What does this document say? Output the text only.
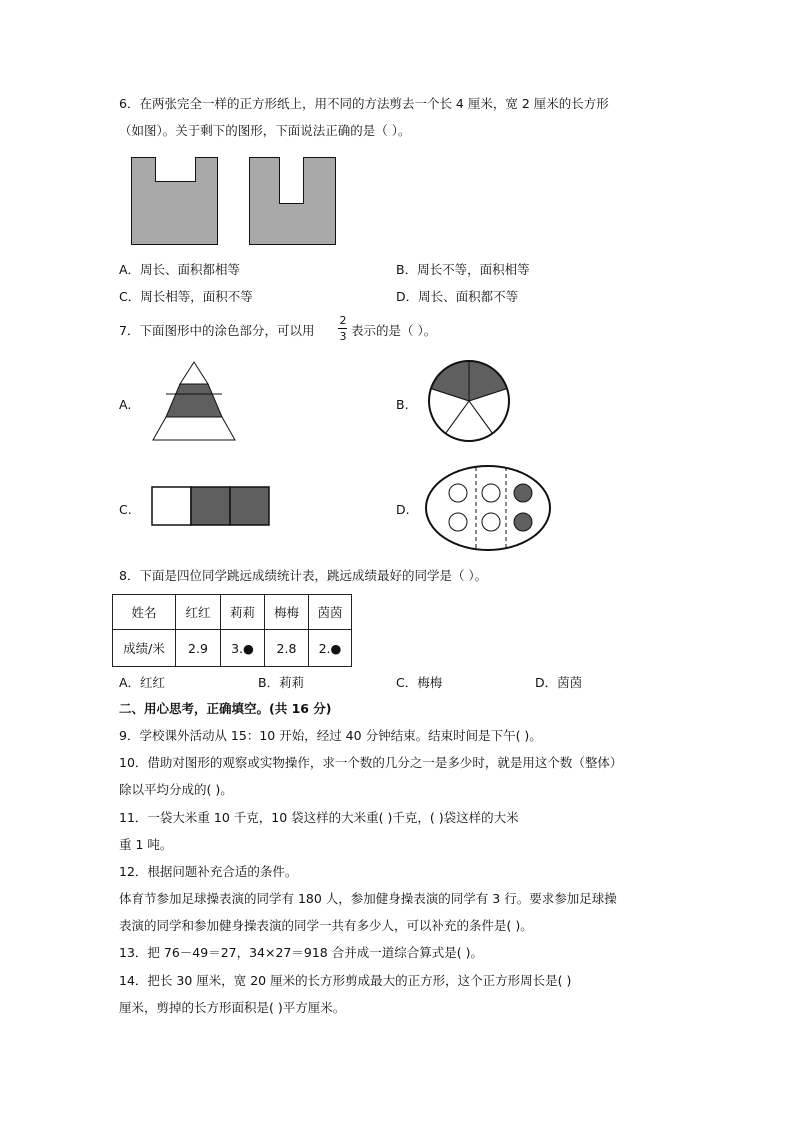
6．在两张完全一样的正方形纸上，用不同的方法剪去一个长 4 厘米，宽 2 厘米的长方形
（如图）。关于剩下的图形，下面说法正确的是（ ）。
A．周长、面积都相等	B．周长不等，面积相等
C．周长相等，面积不等	D．周长、面积都不等
7．下面图形中的涂色部分，可以用
2
3 表示的是（ ）。
A.	B.
C.	D.
8．下面是四位同学跳远成绩统计表，跳远成绩最好的同学是（ ）。
姓名	红红	莉莉	梅梅	茵茵
成绩/米	2.9	3.●	2.8	2.●
A．红红	B．莉莉	C．梅梅	D．茵茵
二、用心思考，正确填空。(共 16 分)
9．学校课外活动从 15：10 开始，经过 40 分钟结束。结束时间是下午( )。
10．借助对图形的观察或实物操作，求一个数的几分之一是多少时，就是用这个数（整体）
除以平均分成的( )。
11．一袋大米重 10 千克，10 袋这样的大米重( )千克，( )袋这样的大米
重 1 吨。
12．根据问题补充合适的条件。
体育节参加足球操表演的同学有 180 人，参加健身操表演的同学有 3 行。要求参加足球操
表演的同学和参加健身操表演的同学一共有多少人，可以补充的条件是( )。
13．把 76－49＝27，34×27＝918 合并成一道综合算式是( )。
14．把长 30 厘米，宽 20 厘米的长方形剪成最大的正方形，这个正方形周长是( )
厘米，剪掉的长方形面积是( )平方厘米。
